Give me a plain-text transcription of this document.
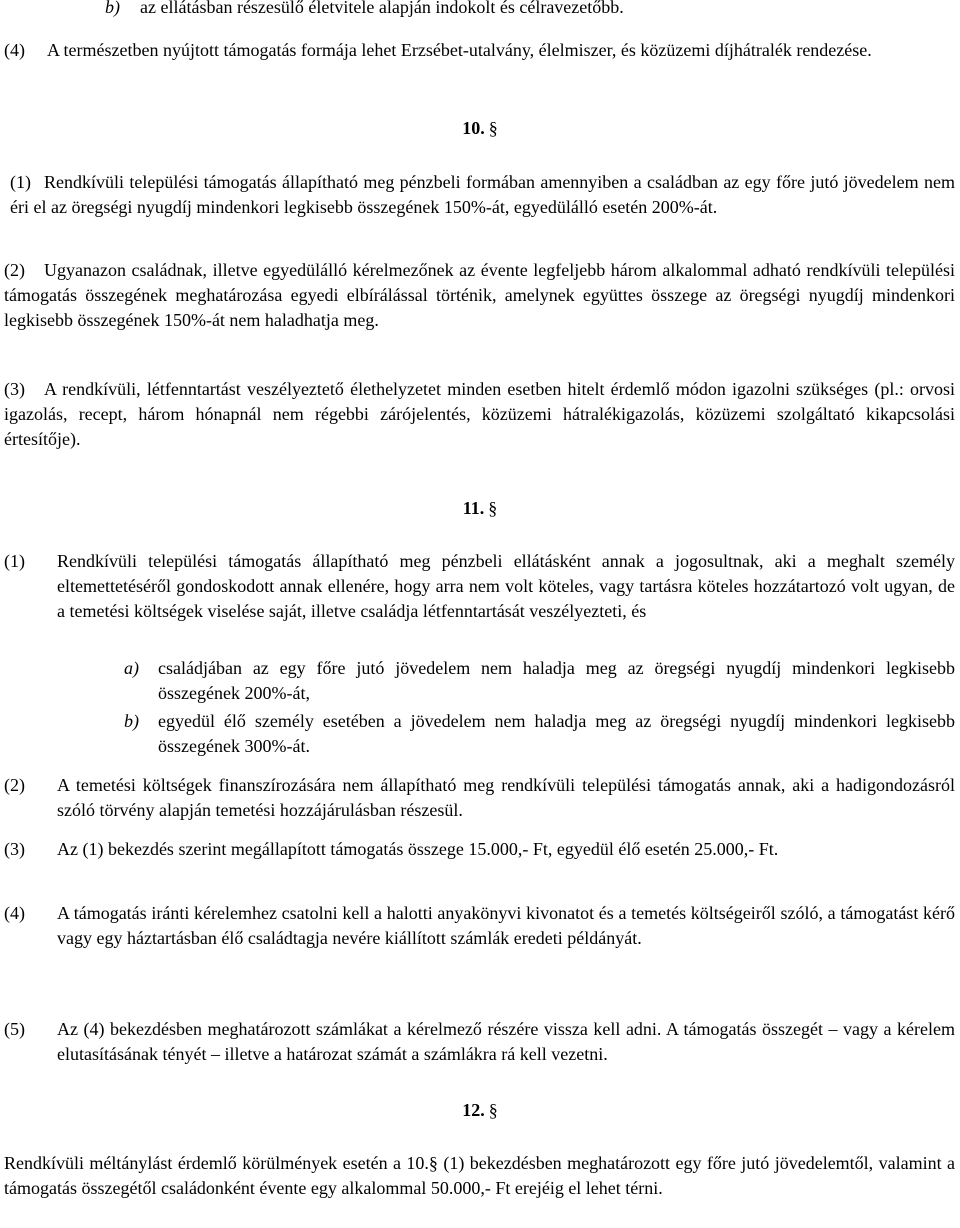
b) az ellátásban részesülő életvitele alapján indokolt és célravezetőbb.
(4)	A természetben nyújtott támogatás formája lehet Erzsébet-utalvány, élelmiszer, és közüzemi díjhátralék rendezése.
10. §
(1) Rendkívüli települési támogatás állapítható meg pénzbeli formában amennyiben a családban az egy főre jutó jövedelem nem éri el az öregségi nyugdíj mindenkori legkisebb összegének 150%-át, egyedülálló esetén 200%-át.
(2)	Ugyanazon családnak, illetve egyedülálló kérelmezőnek az évente legfeljebb három alkalommal adható rendkívüli települési támogatás összegének meghatározása egyedi elbírálással történik, amelynek együttes összege az öregségi nyugdíj mindenkori legkisebb összegének 150%-át nem haladhatja meg.
(3)	A rendkívüli, létfenntartást veszélyeztető élethelyzetet minden esetben hitelt érdemlő módon igazolni szükséges (pl.: orvosi igazolás, recept, három hónapnál nem régebbi zárójelentés, közüzemi hátralékigazolás, közüzemi szolgáltató kikapcsolási értesítője).
11. §
(1) Rendkívüli települési támogatás állapítható meg pénzbeli ellátásként annak a jogosultnak, aki a meghalt személy eltemettetéséről gondoskodott annak ellenére, hogy arra nem volt köteles, vagy tartásra köteles hozzátartozó volt ugyan, de a temetési költségek viselése saját, illetve családja létfenntartását veszélyezteti, és
a) családjában az egy főre jutó jövedelem nem haladja meg az öregségi nyugdíj mindenkori legkisebb összegének 200%-át,
b) egyedül élő személy esetében a jövedelem nem haladja meg az öregségi nyugdíj mindenkori legkisebb összegének 300%-át.
(2) A temetési költségek finanszírozására nem állapítható meg rendkívüli települési támogatás annak, aki a hadigondozásról szóló törvény alapján temetési hozzájárulásban részesül.
(3) Az (1) bekezdés szerint megállapított támogatás összege 15.000,- Ft, egyedül élő esetén 25.000,- Ft.
(4) A támogatás iránti kérelemhez csatolni kell a halotti anyakönyvi kivonatot és a temetés költségeiről szóló, a támogatást kérő vagy egy háztartásban élő családtagja nevére kiállított számlák eredeti példányát.
(5) Az (4) bekezdésben meghatározott számlákat a kérelmező részére vissza kell adni. A támogatás összegét – vagy a kérelem elutasításának tényét – illetve a határozat számát a számlákra rá kell vezetni.
12. §
Rendkívüli méltánylást érdemlő körülmények esetén a 10.§ (1) bekezdésben meghatározott egy főre jutó jövedelemtől, valamint a támogatás összegétől családonként évente egy alkalommal 50.000,- Ft erejéig el lehet térni.
